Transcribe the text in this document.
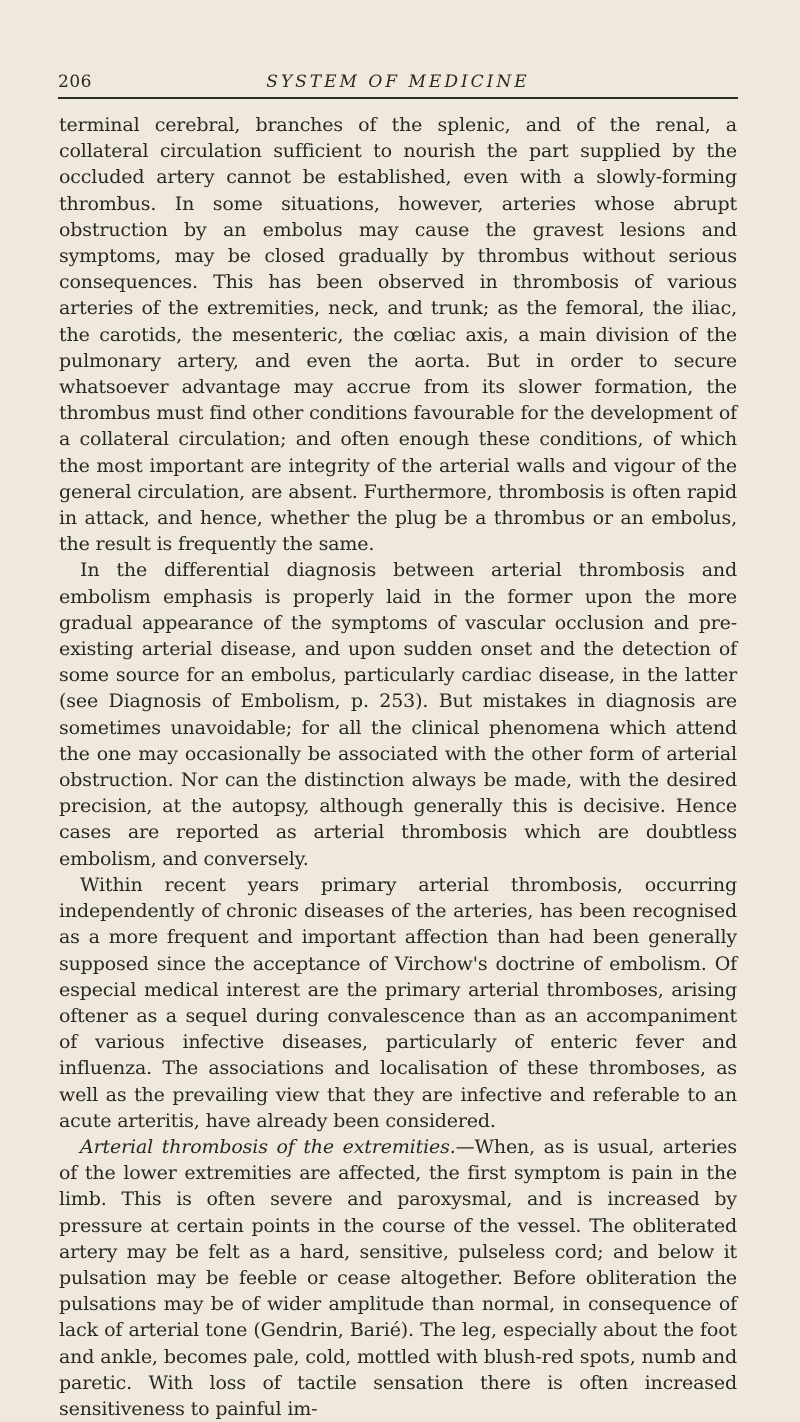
206	SYSTEM OF MEDICINE

terminal cerebral, branches of the splenic, and of the renal, a collateral circulation sufficient to nourish the part supplied by the occluded artery cannot be established, even with a slowly-forming thrombus. In some situations, however, arteries whose abrupt obstruction by an embolus may cause the gravest lesions and symptoms, may be closed gradually by thrombus without serious consequences. This has been observed in thrombosis of various arteries of the extremities, neck, and trunk; as the femoral, the iliac, the carotids, the mesenteric, the cœliac axis, a main division of the pulmonary artery, and even the aorta. But in order to secure whatsoever advantage may accrue from its slower formation, the thrombus must find other conditions favourable for the development of a collateral circulation; and often enough these conditions, of which the most important are integrity of the arterial walls and vigour of the general circulation, are absent. Furthermore, thrombosis is often rapid in attack, and hence, whether the plug be a thrombus or an embolus, the result is frequently the same.

In the differential diagnosis between arterial thrombosis and embolism emphasis is properly laid in the former upon the more gradual appearance of the symptoms of vascular occlusion and pre-existing arterial disease, and upon sudden onset and the detection of some source for an embolus, particularly cardiac disease, in the latter (see Diagnosis of Embolism, p. 253). But mistakes in diagnosis are sometimes unavoidable; for all the clinical phenomena which attend the one may occasionally be associated with the other form of arterial obstruction. Nor can the distinction always be made, with the desired precision, at the autopsy, although generally this is decisive. Hence cases are reported as arterial thrombosis which are doubtless embolism, and conversely.

Within recent years primary arterial thrombosis, occurring independently of chronic diseases of the arteries, has been recognised as a more frequent and important affection than had been generally supposed since the acceptance of Virchow's doctrine of embolism. Of especial medical interest are the primary arterial thromboses, arising oftener as a sequel during convalescence than as an accompaniment of various infective diseases, particularly of enteric fever and influenza. The associations and localisation of these thromboses, as well as the prevailing view that they are infective and referable to an acute arteritis, have already been considered.

Arterial thrombosis of the extremities.—When, as is usual, arteries of the lower extremities are affected, the first symptom is pain in the limb. This is often severe and paroxysmal, and is increased by pressure at certain points in the course of the vessel. The obliterated artery may be felt as a hard, sensitive, pulseless cord; and below it pulsation may be feeble or cease altogether. Before obliteration the pulsations may be of wider amplitude than normal, in consequence of lack of arterial tone (Gendrin, Barié). The leg, especially about the foot and ankle, becomes pale, cold, mottled with blush-red spots, numb and paretic. With loss of tactile sensation there is often increased sensitiveness to painful im-
